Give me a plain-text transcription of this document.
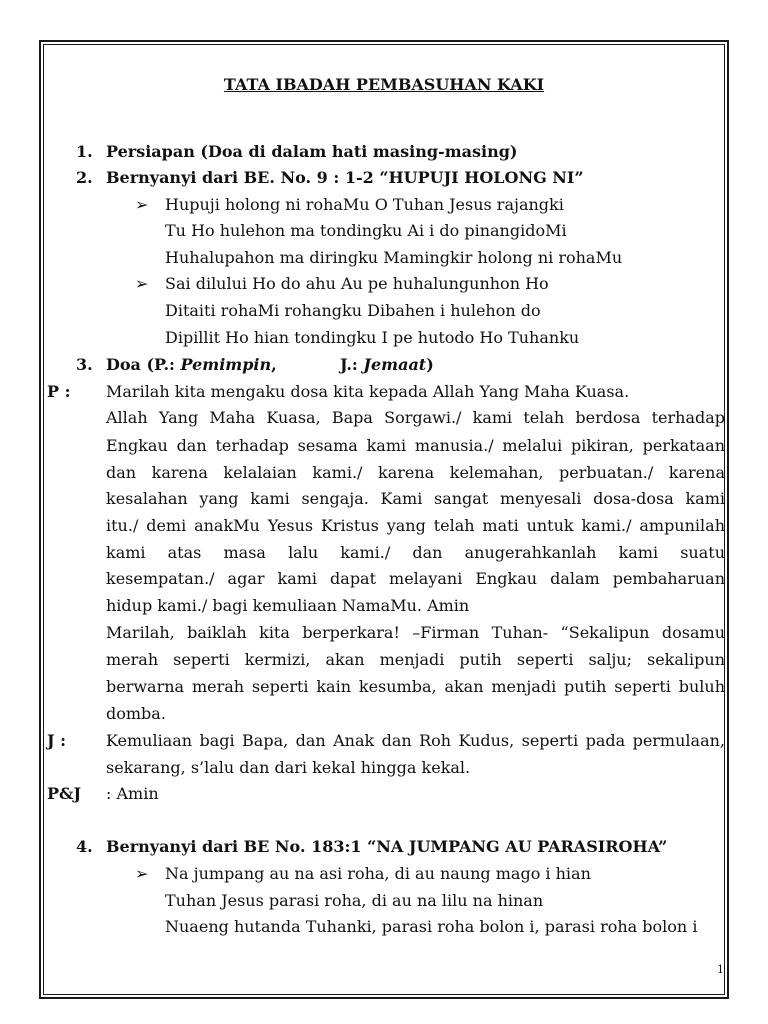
TATA IBADAH PEMBASUHAN KAKI
1. Persiapan (Doa di dalam hati masing-masing)
2. Bernyanyi dari BE. No. 9 : 1-2 “HUPUJI HOLONG NI”
➢ Hupuji holong ni rohaMu O Tuhan Jesus rajangki
Tu Ho hulehon ma tondingku Ai i do pinangidoMi
Huhalupahon ma diringku Mamingkir holong ni rohaMu
➢ Sai dilului Ho do ahu Au pe huhalungunhon Ho
Ditaiti rohaMi rohangku Dibahen i hulehon do
Dipillit Ho hian tondingku I pe hutodo Ho Tuhanku
3. Doa (P.: Pemimpin,	J.: Jemaat)
P : Marilah kita mengaku dosa kita kepada Allah Yang Maha Kuasa.
Allah Yang Maha Kuasa, Bapa Sorgawi./ kami telah berdosa terhadap
Engkau dan terhadap sesama kami manusia./ melalui pikiran, perkataan
dan karena kelalaian kami./ karena kelemahan, perbuatan./ karena
kesalahan yang kami sengaja. Kami sangat menyesali dosa-dosa kami
itu./ demi anakMu Yesus Kristus yang telah mati untuk kami./ ampunilah
kami atas masa lalu kami./ dan anugerahkanlah kami suatu
kesempatan./ agar kami dapat melayani Engkau dalam pembaharuan
hidup kami./ bagi kemuliaan NamaMu. Amin
Marilah, baiklah kita berperkara! –Firman Tuhan- “Sekalipun dosamu
merah seperti kermizi, akan menjadi putih seperti salju; sekalipun
berwarna merah seperti kain kesumba, akan menjadi putih seperti buluh
domba.
J : Kemuliaan bagi Bapa, dan Anak dan Roh Kudus, seperti pada permulaan,
sekarang, s’lalu dan dari kekal hingga kekal.
P&J : Amin
4. Bernyanyi dari BE No. 183:1 “NA JUMPANG AU PARASIROHA”
➢ Na jumpang au na asi roha, di au naung mago i hian
Tuhan Jesus parasi roha, di au na lilu na hinan
Nuaeng hutanda Tuhanki, parasi roha bolon i, parasi roha bolon i
1
